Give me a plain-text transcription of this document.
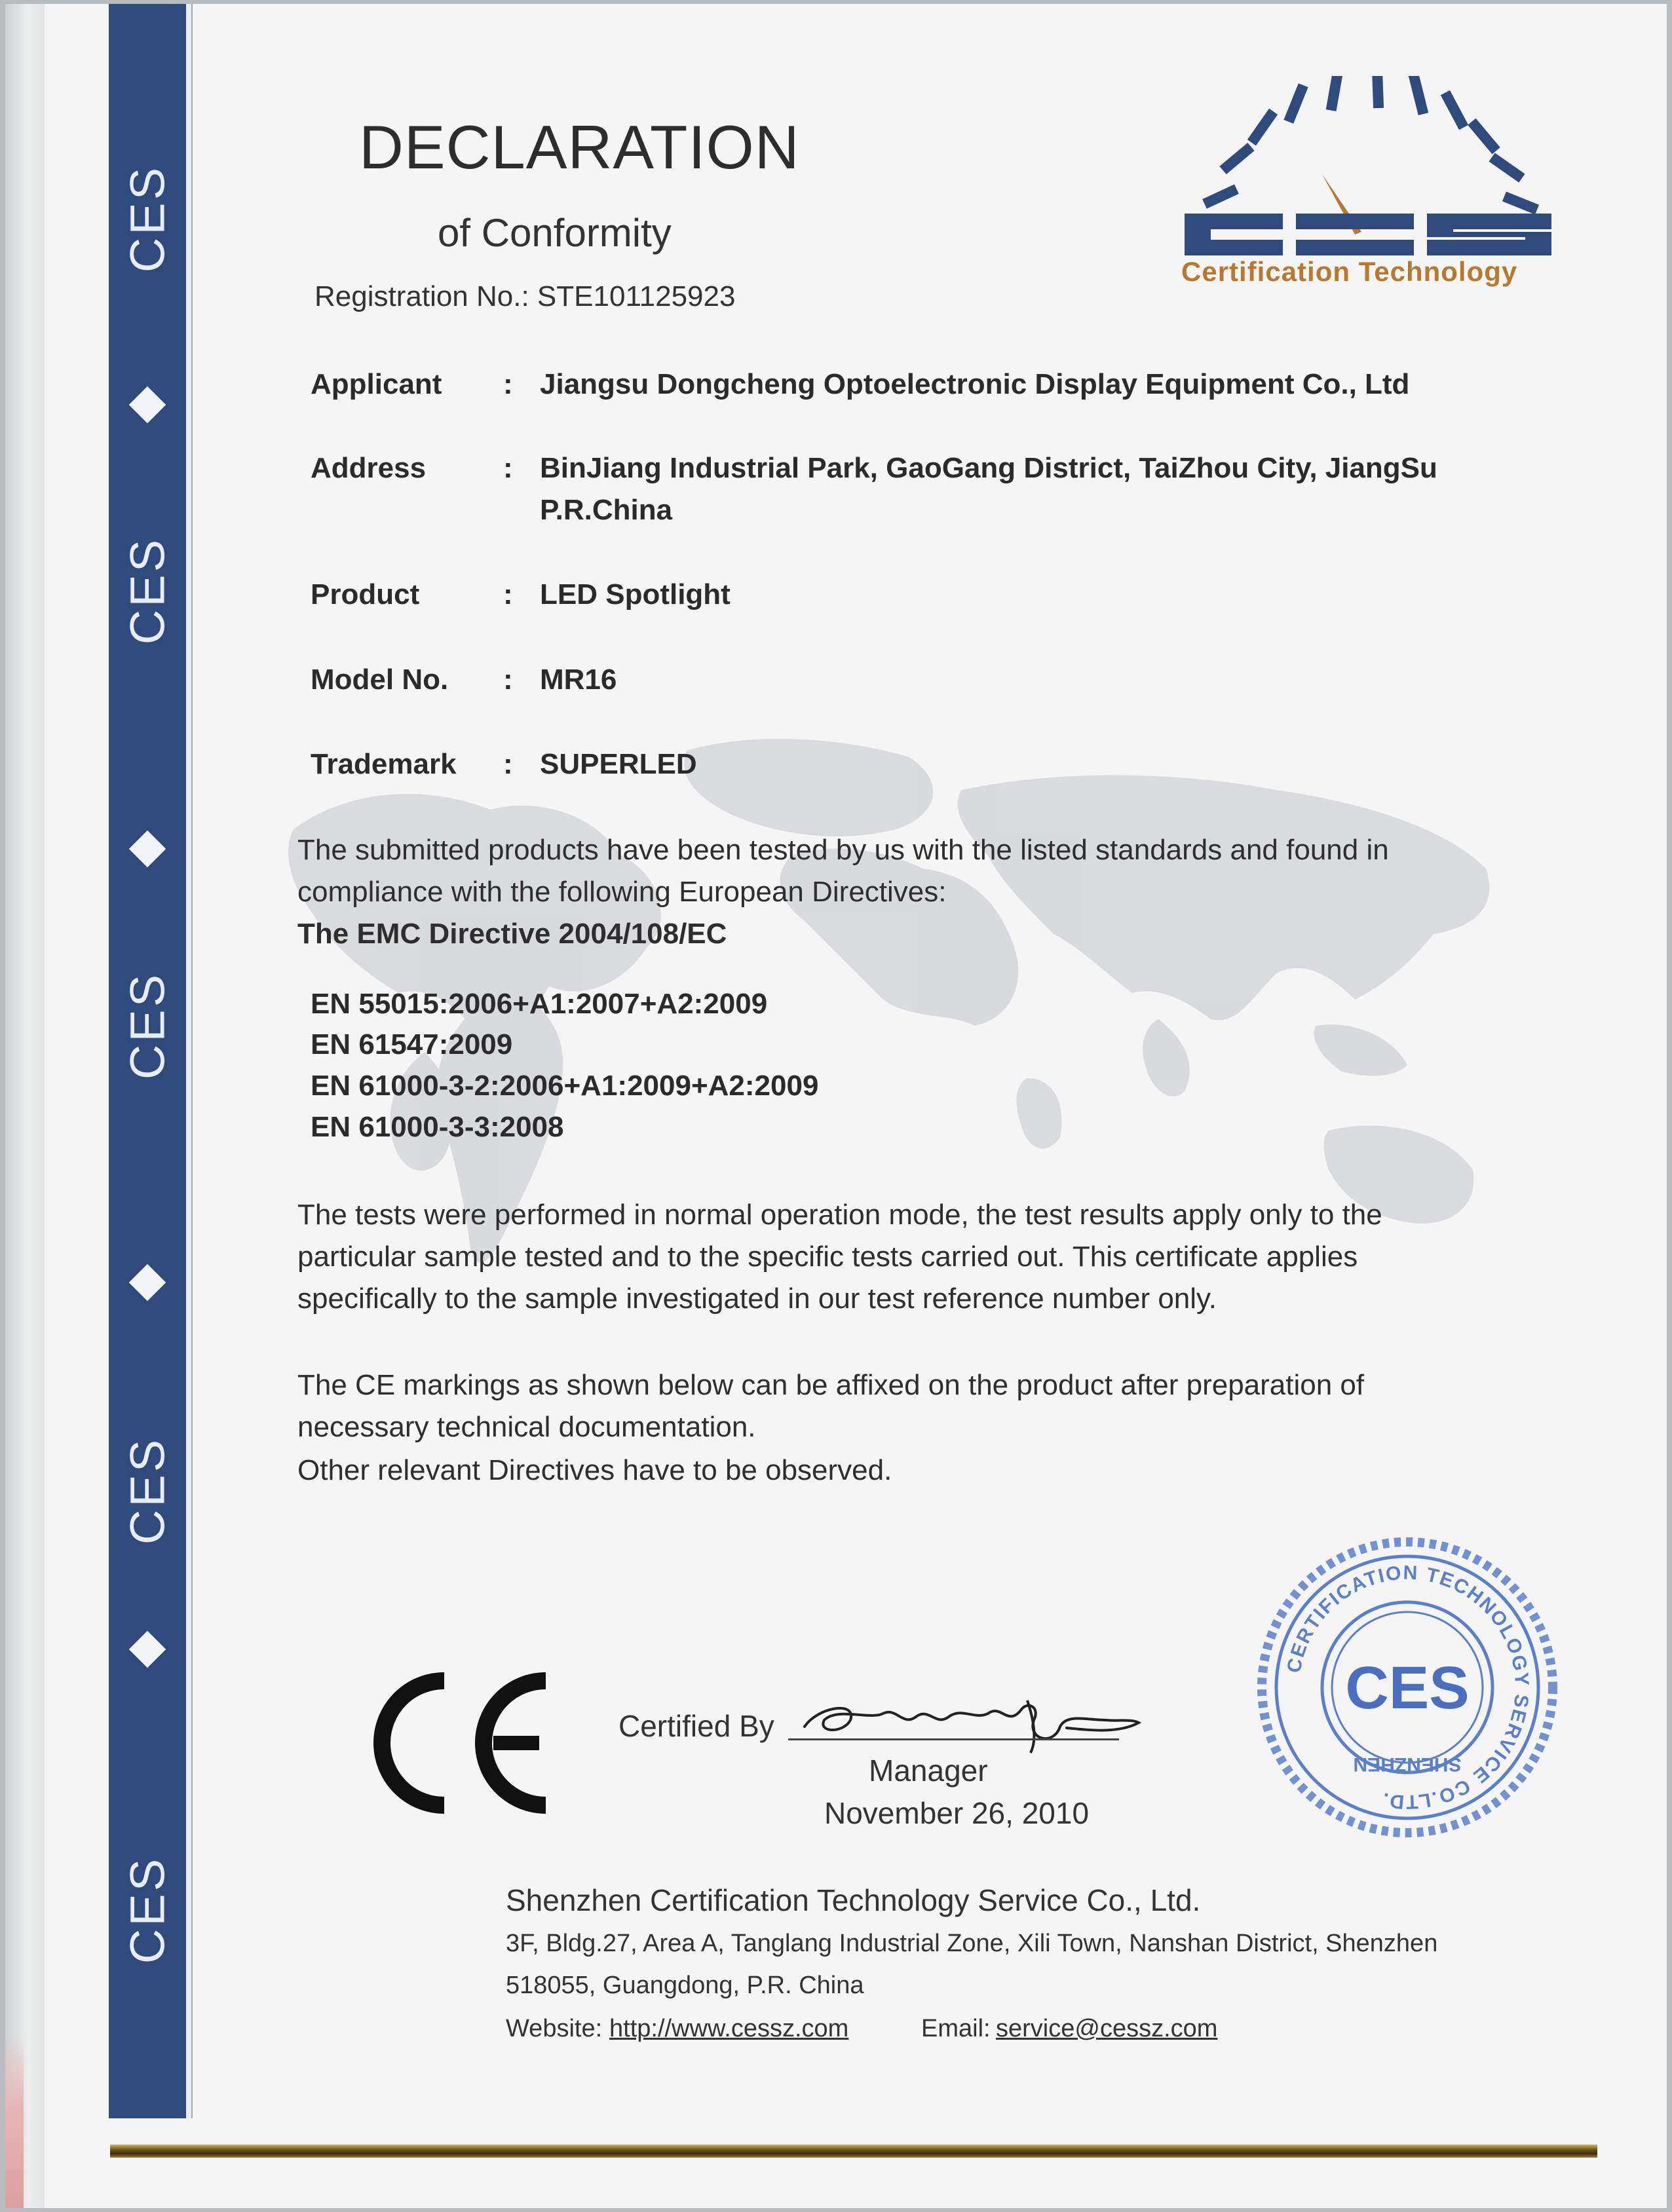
CES
CES
CES
CES
CES
DECLARATION
of Conformity
Registration No.: STE101125923
Certification Technology
Applicant : Jiangsu Dongcheng Optoelectronic Display Equipment Co., Ltd
Address	: BinJiang Industrial Park, GaoGang District, TaiZhou City, JiangSu
P.R.China
Product	: LED Spotlight
Model No. : MR16
Trademark : SUPERLED
The submitted products have been tested by us with the listed standards and found in
compliance with the following European Directives:
The EMC Directive 2004/108/EC
EN 55015:2006+A1:2007+A2:2009
EN 61547:2009
EN 61000-3-2:2006+A1:2009+A2:2009
EN 61000-3-3:2008
The tests were performed in normal operation mode, the test results apply only to the
particular sample tested and to the specific tests carried out. This certificate applies
specifically to the sample investigated in our test reference number only.
The CE markings as shown below can be affixed on the product after preparation of
necessary technical documentation.
Other relevant Directives have to be observed.
Certified By
Manager
November 26, 2010
CERTIFICATION TECHNOLOGY SERVICE CO.LTD.
SHENZHEN
CES
Shenzhen Certification Technology Service Co., Ltd.
3F, Bldg.27, Area A, Tanglang Industrial Zone, Xili Town, Nanshan District, Shenzhen
518055, Guangdong, P.R. China
Website: http://www.cessz.com	Email: service@cessz.com
